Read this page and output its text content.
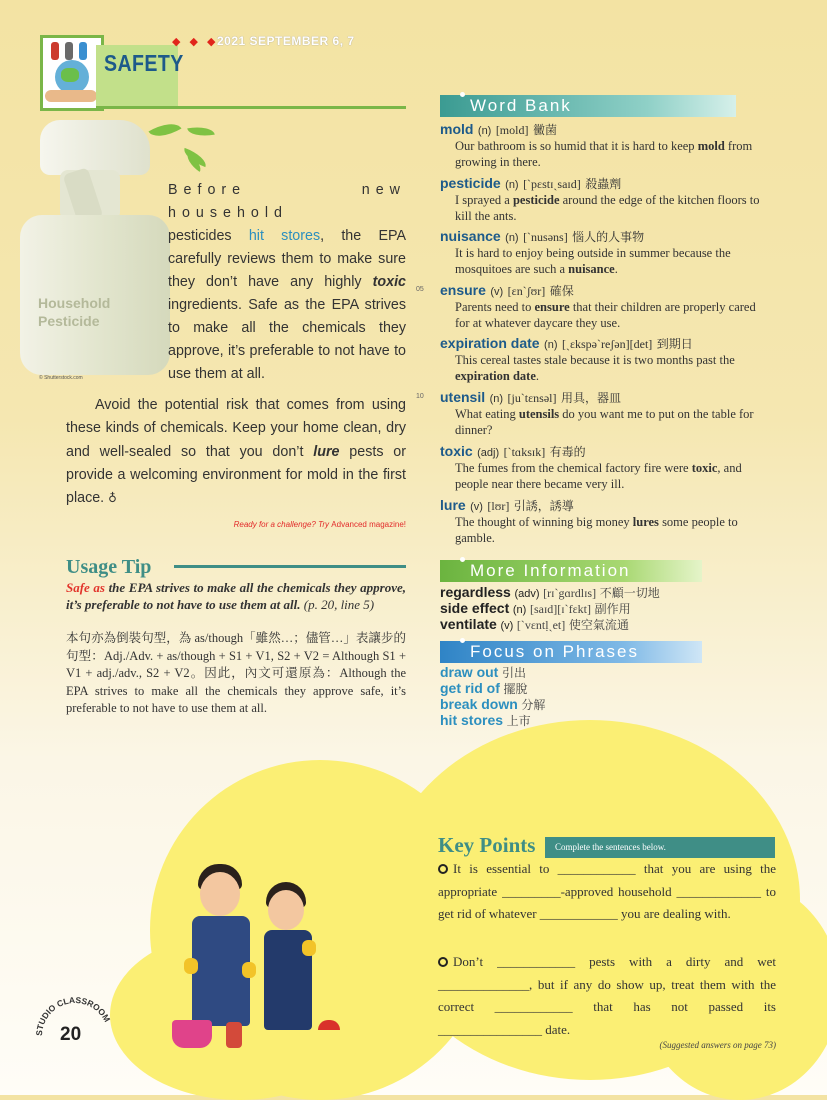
SAFETY
◆ ◆ ◆
2021 SEPTEMBER 6, 7
Household
Pesticide
© Shutterstock.com
Before new household
pesticides hit stores, the EPA carefully reviews them to make sure they don’t have any highly toxic ingredients. Safe as the EPA strives to make all the chemicals they approve, it’s preferable to not have to use them at all.
Avoid the potential risk that comes from using these kinds of chemicals. Keep your home clean, dry and well-sealed so that you don’t lure pests or provide a welcoming environment for mold in the first place. ♁
Ready for a challenge? Try Advanced magazine!
Usage Tip
Safe as the EPA strives to make all the chemicals they approve, it’s preferable to not have to use them at all. (p. 20, line 5)
本句亦為倒裝句型，為 as/though「雖然…；儘管…」表讓步的句型：Adj./Adv. + as/though + S1 + V1, S2 + V2 = Although S1 + V1 + adj./adv., S2 + V2。因此，內文可還原為：Although the EPA strives to make all the chemicals they approve safe, it’s preferable to not have to use them at all.
Word Bank
mold (n) [mold] 黴菌
Our bathroom is so humid that it is hard to keep mold from growing in there.
pesticide (n) [ˋpɛstɪˏsaɪd] 殺蟲劑
I sprayed a pesticide around the edge of the kitchen floors to kill the ants.
nuisance (n) [ˋnusəns] 惱人的人事物
It is hard to enjoy being outside in summer because the mosquitoes are such a nuisance.
ensure (v) [ɛnˋʃʊr] 確保
Parents need to ensure that their children are properly cared for at whatever daycare they use.
05
expiration date (n) [ˏɛkspəˋreʃən][det] 到期日
This cereal tastes stale because it is two months past the expiration date.
utensil (n) [juˋtɛnsəl] 用具，器皿
What eating utensils do you want me to put on the table for dinner?
10
toxic (adj) [ˋtɑksɪk] 有毒的
The fumes from the chemical factory fire were toxic, and people near there became very ill.
lure (v) [lʊr] 引誘，誘導
The thought of winning big money lures some people to gamble.
More Information
regardless (adv) [rɪˋgɑrdlɪs] 不顧一切地
side effect (n) [saɪd][ɪˋfɛkt] 副作用
ventilate (v) [ˋvɛntḷˏet] 使空氣流通
Focus on Phrases
draw out 引出
get rid of 擺脫
break down 分解
hit stores 上市
Key Points Complete the sentences below.
It is essential to ____________ that you are using the appropriate _________-approved household _____________ to get rid of whatever ____________ you are dealing with.
Don’t ____________ pests with a dirty and wet ______________, but if any do show up, treat them with the correct ____________ that has not passed its ________________ date.
(Suggested answers on page 73)
STUDIO CLASSROOM
20
